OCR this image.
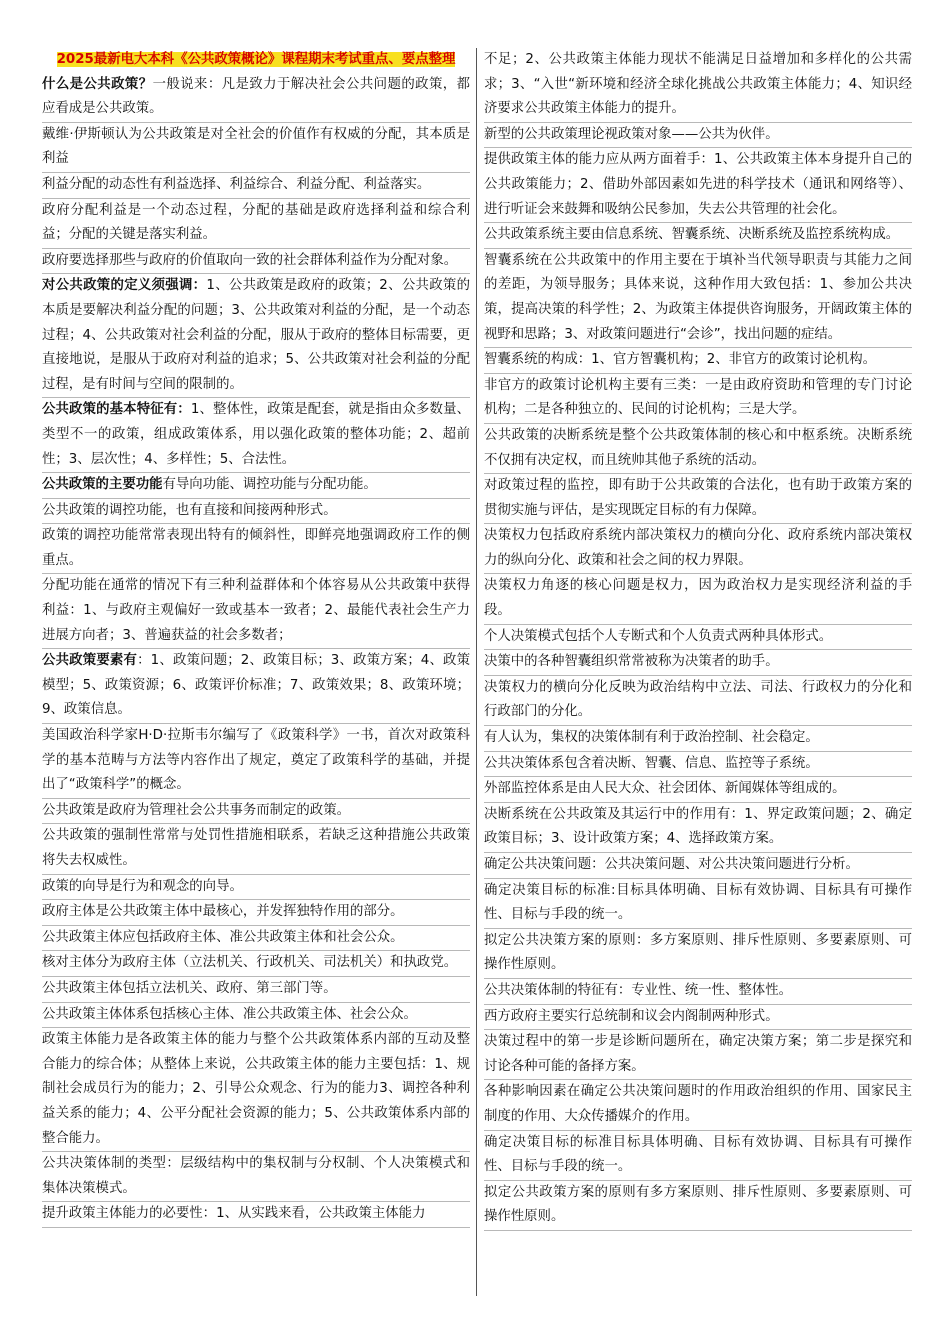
2025最新电大本科《公共政策概论》课程期末考试重点、要点整理

什么是公共政策？一般说来：凡是致力于解决社会公共问题的政策，都应看成是公共政策。

戴维·伊斯顿认为公共政策是对全社会的价值作有权威的分配，其本质是利益

利益分配的动态性有利益选择、利益综合、利益分配、利益落实。

政府分配利益是一个动态过程，分配的基础是政府选择利益和综合利益；分配的关键是落实利益。

政府要选择那些与政府的价值取向一致的社会群体利益作为分配对象。

对公共政策的定义须强调：1、公共政策是政府的政策；2、公共政策的本质是要解决利益分配的问题；3、公共政策对利益的分配，是一个动态过程；4、公共政策对社会利益的分配，服从于政府的整体目标需要，更直接地说，是服从于政府对利益的追求；5、公共政策对社会利益的分配过程，是有时间与空间的限制的。

公共政策的基本特征有：1、整体性，政策是配套，就是指由众多数量、类型不一的政策，组成政策体系，用以强化政策的整体功能；2、超前性；3、层次性；4、多样性；5、合法性。

公共政策的主要功能有导向功能、调控功能与分配功能。

公共政策的调控功能，也有直接和间接两种形式。

政策的调控功能常常表现出特有的倾斜性，即鲜亮地强调政府工作的侧重点。

分配功能在通常的情况下有三种利益群体和个体容易从公共政策中获得利益：1、与政府主观偏好一致或基本一致者；2、最能代表社会生产力进展方向者；3、普遍获益的社会多数者；

公共政策要素有：1、政策问题；2、政策目标；3、政策方案；4、政策模型；5、政策资源；6、政策评价标准；7、政策效果；8、政策环境；9、政策信息。

美国政治科学家H·D·拉斯韦尔编写了《政策科学》一书，首次对政策科学的基本范畴与方法等内容作出了规定，奠定了政策科学的基础，并提出了“政策科学”的概念。

公共政策是政府为管理社会公共事务而制定的政策。

公共政策的强制性常常与处罚性措施相联系，若缺乏这种措施公共政策将失去权威性。

政策的向导是行为和观念的向导。

政府主体是公共政策主体中最核心，并发挥独特作用的部分。

公共政策主体应包括政府主体、准公共政策主体和社会公众。

核对主体分为政府主体（立法机关、行政机关、司法机关）和执政党。

公共政策主体包括立法机关、政府、第三部门等。

公共政策主体体系包括核心主体、准公共政策主体、社会公众。

政策主体能力是各政策主体的能力与整个公共政策体系内部的互动及整合能力的综合体；从整体上来说，公共政策主体的能力主要包括：1、规制社会成员行为的能力；2、引导公众观念、行为的能力3、调控各种利益关系的能力；4、公平分配社会资源的能力；5、公共政策体系内部的整合能力。

公共决策体制的类型：层级结构中的集权制与分权制、个人决策模式和集体决策模式。

提升政策主体能力的必要性：1、从实践来看，公共政策主体能力

不足；2、公共政策主体能力现状不能满足日益增加和多样化的公共需求；3、“入世“新环境和经济全球化挑战公共政策主体能力；4、知识经济要求公共政策主体能力的提升。

新型的公共政策理论视政策对象——公共为伙伴。

提供政策主体的能力应从两方面着手：1、公共政策主体本身提升自己的公共政策能力；2、借助外部因素如先进的科学技术（通讯和网络等）、进行听证会来鼓舞和吸纳公民参加，失去公共管理的社会化。

公共政策系统主要由信息系统、智囊系统、决断系统及监控系统构成。

智囊系统在公共政策中的作用主要在于填补当代领导职责与其能力之间的差距，为领导服务；具体来说，这种作用大致包括：1、参加公共决策，提高决策的科学性；2、为政策主体提供咨询服务，开阔政策主体的视野和思路；3、对政策问题进行“会诊”，找出问题的症结。

智囊系统的构成：1、官方智囊机构；2、非官方的政策讨论机构。

非官方的政策讨论机构主要有三类：一是由政府资助和管理的专门讨论机构；二是各种独立的、民间的讨论机构；三是大学。

公共政策的决断系统是整个公共政策体制的核心和中枢系统。决断系统不仅拥有决定权，而且统帅其他子系统的活动。

对政策过程的监控，即有助于公共政策的合法化，也有助于政策方案的贯彻实施与评估，是实现既定目标的有力保障。

决策权力包括政府系统内部决策权力的横向分化、政府系统内部决策权力的纵向分化、政策和社会之间的权力界限。

决策权力角逐的核心问题是权力，因为政治权力是实现经济利益的手段。

个人决策模式包括个人专断式和个人负责式两种具体形式。

决策中的各种智囊组织常常被称为决策者的助手。

决策权力的横向分化反映为政治结构中立法、司法、行政权力的分化和行政部门的分化。

有人认为，集权的决策体制有利于政治控制、社会稳定。

公共决策体系包含着决断、智囊、信息、监控等子系统。

外部监控体系是由人民大众、社会团体、新闻媒体等组成的。

决断系统在公共政策及其运行中的作用有：1、界定政策问题；2、确定政策目标；3、设计政策方案；4、选择政策方案。

确定公共决策问题：公共决策问题、对公共决策问题进行分析。

确定决策目标的标准:目标具体明确、目标有效协调、目标具有可操作性、目标与手段的统一。

拟定公共决策方案的原则：多方案原则、排斥性原则、多要素原则、可操作性原则。

公共决策体制的特征有：专业性、统一性、整体性。

西方政府主要实行总统制和议会内阁制两种形式。

决策过程中的第一步是诊断问题所在，确定决策方案；第二步是探究和讨论各种可能的备择方案。

各种影响因素在确定公共决策问题时的作用政治组织的作用、国家民主制度的作用、大众传播媒介的作用。

确定决策目标的标准目标具体明确、目标有效协调、目标具有可操作性、目标与手段的统一。

拟定公共政策方案的原则有多方案原则、排斥性原则、多要素原则、可操作性原则。
